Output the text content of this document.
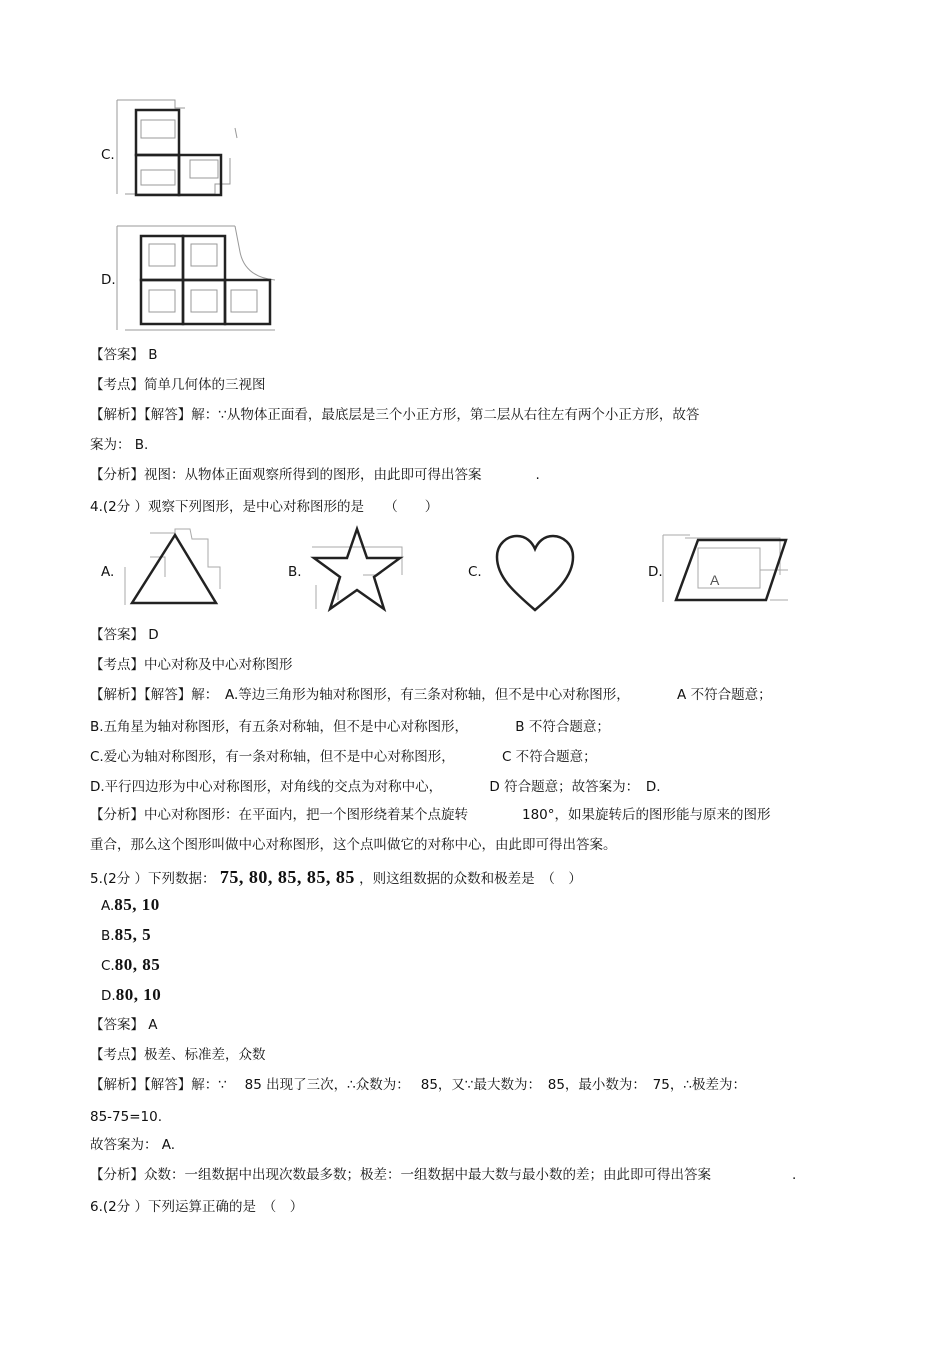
C.
D.
【答案】 B
【考点】简单几何体的三视图
【解析】【解答】解：∵从物体正面看，最底层是三个小正方形，第二层从右往左有两个小正方形，故答
案为： B.
【分析】视图：从物体正面观察所得到的图形，由此即可得出答案　　　　.
4.(2分 ）观察下列图形，是中心对称图形的是　　（　　）
A.	B.	C.	D.	A
【答案】 D
【考点】中心对称及中心对称图形
【解析】【解答】解：　A.等边三角形为轴对称图形，有三条对称轴，但不是中心对称图形，　　　　A 不符合题意；
B.五角星为轴对称图形，有五条对称轴，但不是中心对称图形，　　　　B 不符合题意；
C.爱心为轴对称图形，有一条对称轴，但不是中心对称图形，　　　　C 不符合题意；
D.平行四边形为中心对称图形，对角线的交点为对称中心，　　　　D 符合题意；故答案为：　D.
【分析】中心对称图形：在平面内，把一个图形绕着某个点旋转　　　　180°，如果旋转后的图形能与原来的图形
重合，那么这个图形叫做中心对称图形，这个点叫做它的对称中心，由此即可得出答案。
5.(2分 ）下列数据： 75, 80, 85, 85, 85 ，则这组数据的众数和极差是　（　）
A.85, 10
B.85, 5
C.80, 85
D.80, 10
【答案】 A
【考点】极差、标准差，众数
【解析】【解答】解：∵　 85 出现了三次，∴众数为：　 85，又∵最大数为：　85，最小数为：　75，∴极差为：
85-75=10.
故答案为： A.
【分析】众数：一组数据中出现次数最多数；极差：一组数据中最大数与最小数的差；由此即可得出答案　　　　　　.
6.(2分 ）下列运算正确的是　（　）
